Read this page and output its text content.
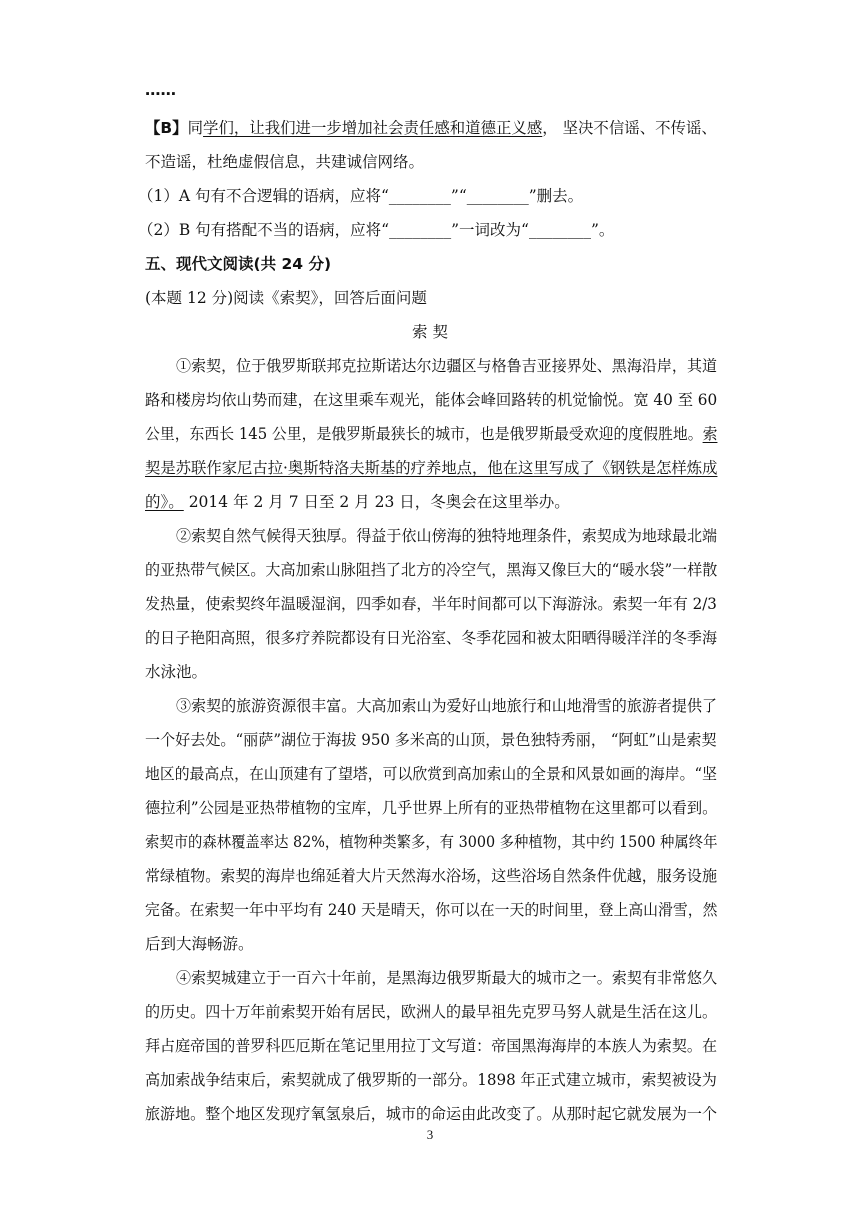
……
【B】同学们，让我们进一步增加社会责任感和道德正义感， 坚决不信谣、不传谣、
不造谣，杜绝虚假信息，共建诚信网络。
（1）A 句有不合逻辑的语病，应将“________”“________”删去。
（2）B 句有搭配不当的语病，应将“________”一词改为“________”。
五、现代文阅读(共 24 分)
(本题 12 分)阅读《索契》，回答后面问题
索 契
①索契，位于俄罗斯联邦克拉斯诺达尔边疆区与格鲁吉亚接界处、黑海沿岸，其道
路和楼房均依山势而建，在这里乘车观光，能体会峰回路转的机觉愉悦。宽 40 至 60
公里，东西长 145 公里，是俄罗斯最狭长的城市，也是俄罗斯最受欢迎的度假胜地。索
契是苏联作家尼古拉·奥斯特洛夫斯基的疗养地点，他在这里写成了《钢铁是怎样炼成
的》。 2014 年 2 月 7 日至 2 月 23 日，冬奥会在这里举办。
②索契自然气候得天独厚。得益于依山傍海的独特地理条件，索契成为地球最北端
的亚热带气候区。大高加索山脉阻挡了北方的冷空气，黑海又像巨大的“暖水袋”一样散
发热量，使索契终年温暖湿润，四季如春，半年时间都可以下海游泳。索契一年有 2/3
的日子艳阳高照，很多疗养院都设有日光浴室、冬季花园和被太阳晒得暖洋洋的冬季海
水泳池。
③索契的旅游资源很丰富。大高加索山为爱好山地旅行和山地滑雪的旅游者提供了
一个好去处。“丽萨”湖位于海拔 950 多米高的山顶，景色独特秀丽， “阿虹”山是索契
地区的最高点，在山顶建有了望塔，可以欣赏到高加索山的全景和风景如画的海岸。“坚
德拉利”公园是亚热带植物的宝库，几乎世界上所有的亚热带植物在这里都可以看到。
索契市的森林覆盖率达 82%，植物种类繁多，有 3000 多种植物，其中约 1500 种属终年
常绿植物。索契的海岸也绵延着大片天然海水浴场，这些浴场自然条件优越，服务设施
完备。在索契一年中平均有 240 天是晴天，你可以在一天的时间里，登上高山滑雪，然
后到大海畅游。
④索契城建立于一百六十年前，是黑海边俄罗斯最大的城市之一。索契有非常悠久
的历史。四十万年前索契开始有居民，欧洲人的最早祖先克罗马努人就是生活在这儿。
拜占庭帝国的普罗科匹厄斯在笔记里用拉丁文写道：帝国黑海海岸的本族人为索契。在
高加索战争结束后，索契就成了俄罗斯的一部分。1898 年正式建立城市，索契被设为
旅游地。整个地区发现疗氧氢泉后，城市的命运由此改变了。从那时起它就发展为一个
3
